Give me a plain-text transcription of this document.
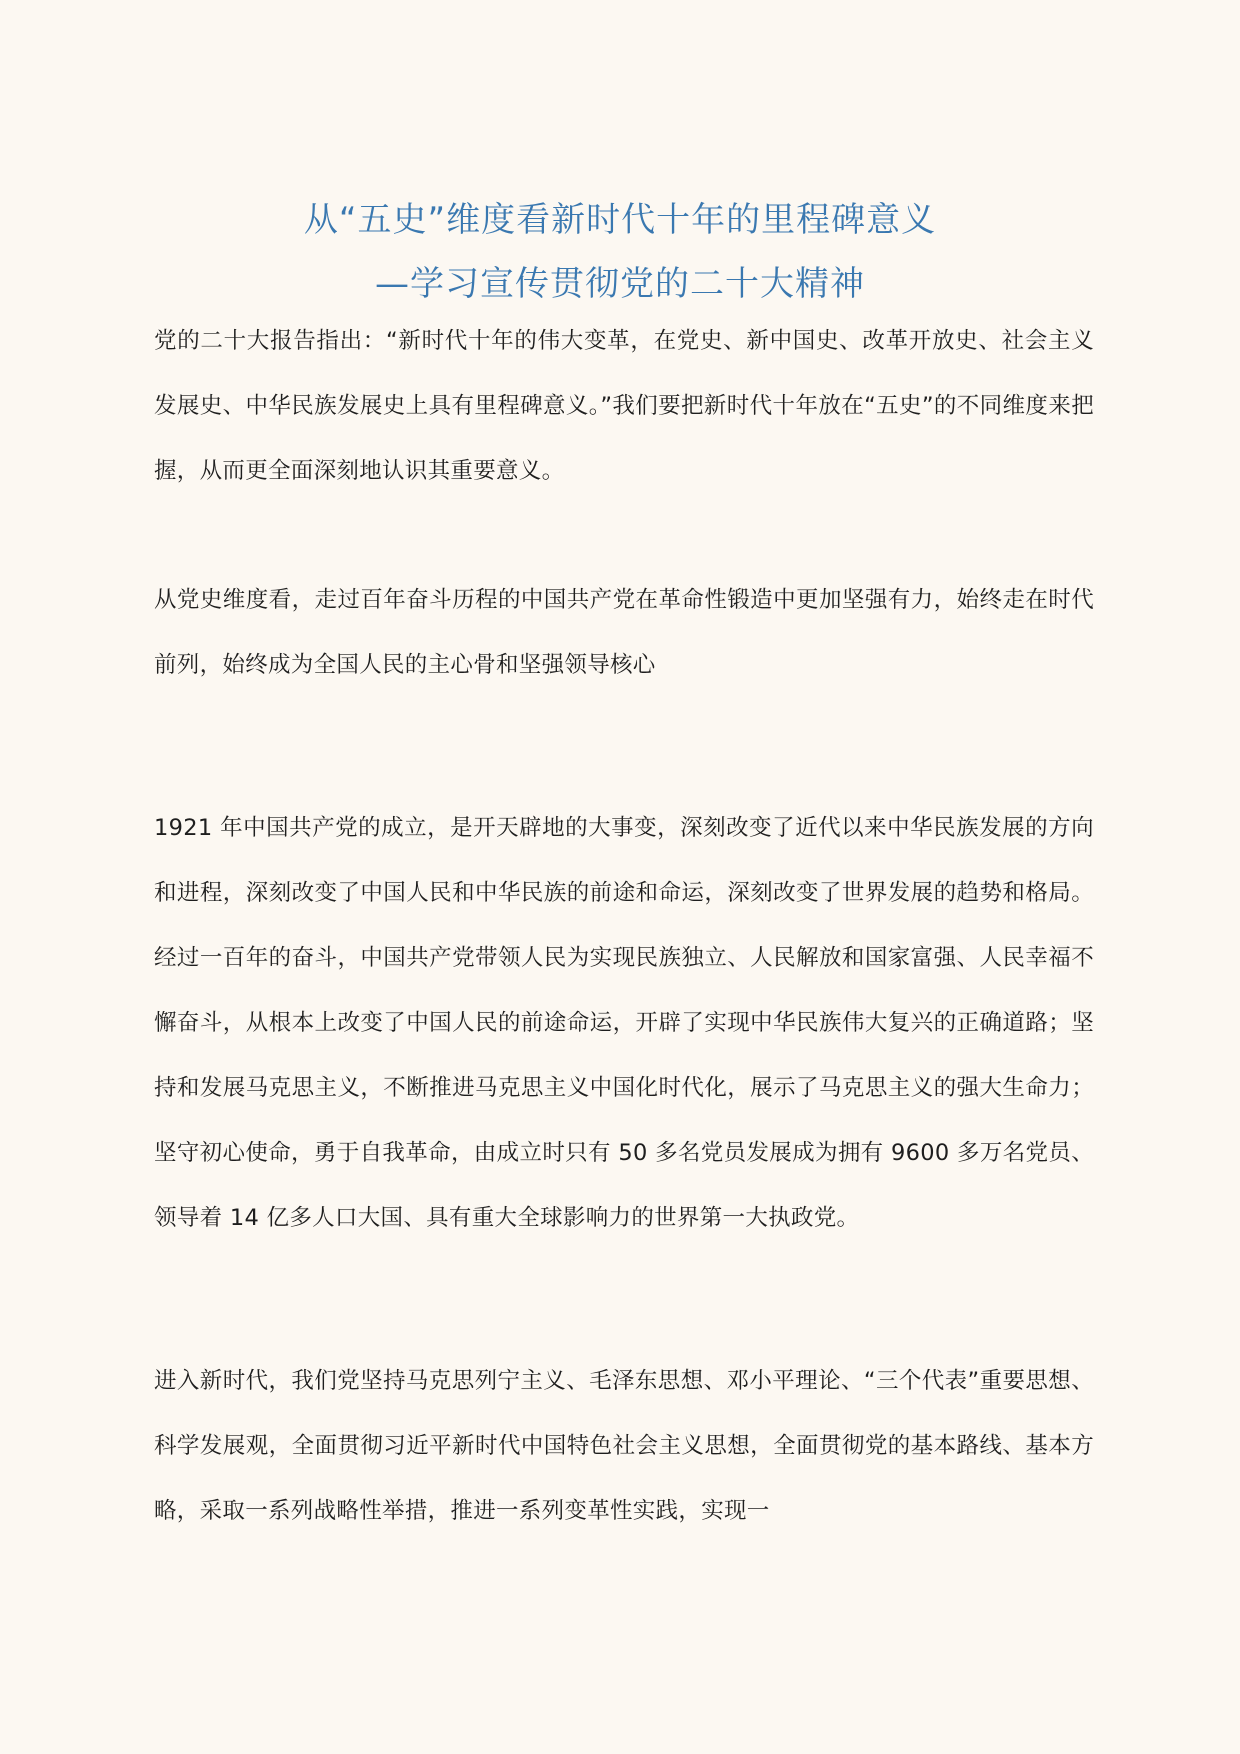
从“五史”维度看新时代十年的里程碑意义
—学习宣传贯彻党的二十大精神
党的二十大报告指出：“新时代十年的伟大变革，在党史、新中国史、改革开放史、社会主义发展史、中华民族发展史上具有里程碑意义。”我们要把新时代十年放在“五史”的不同维度来把握，从而更全面深刻地认识其重要意义。
从党史维度看，走过百年奋斗历程的中国共产党在革命性锻造中更加坚强有力，始终走在时代前列，始终成为全国人民的主心骨和坚强领导核心
1921 年中国共产党的成立，是开天辟地的大事变，深刻改变了近代以来中华民族发展的方向和进程，深刻改变了中国人民和中华民族的前途和命运，深刻改变了世界发展的趋势和格局。经过一百年的奋斗，中国共产党带领人民为实现民族独立、人民解放和国家富强、人民幸福不懈奋斗，从根本上改变了中国人民的前途命运，开辟了实现中华民族伟大复兴的正确道路；坚持和发展马克思主义，不断推进马克思主义中国化时代化，展示了马克思主义的强大生命力；坚守初心使命，勇于自我革命，由成立时只有 50 多名党员发展成为拥有 9600 多万名党员、领导着 14 亿多人口大国、具有重大全球影响力的世界第一大执政党。
进入新时代，我们党坚持马克思列宁主义、毛泽东思想、邓小平理论、“三个代表”重要思想、科学发展观，全面贯彻习近平新时代中国特色社会主义思想，全面贯彻党的基本路线、基本方略，采取一系列战略性举措，推进一系列变革性实践，实现一
